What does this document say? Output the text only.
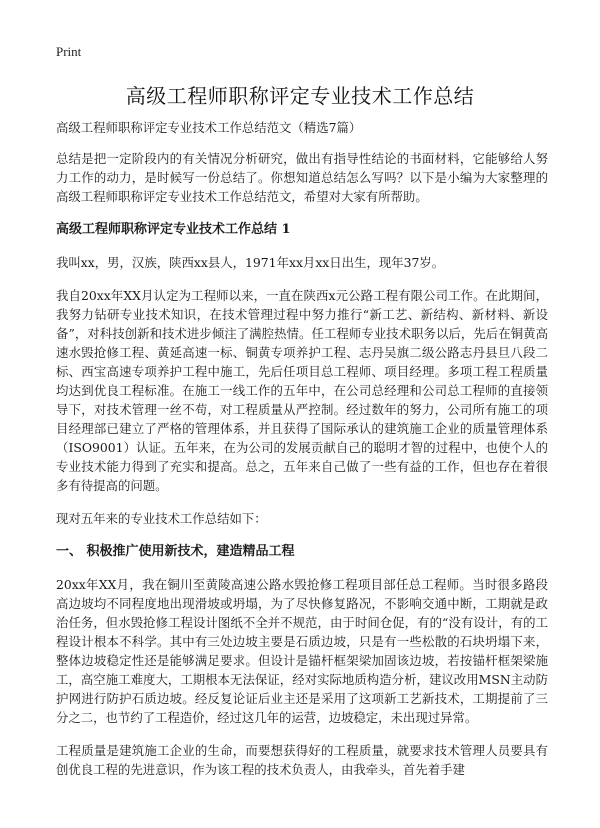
Print
高级工程师职称评定专业技术工作总结

高级工程师职称评定专业技术工作总结范文（精选7篇）

总结是把一定阶段内的有关情况分析研究，做出有指导性结论的书面材料，它能够给人努力工作的动力，是时候写一份总结了。你想知道总结怎么写吗？以下是小编为大家整理的高级工程师职称评定专业技术工作总结范文，希望对大家有所帮助。

高级工程师职称评定专业技术工作总结 1

我叫xx，男，汉族，陕西xx县人，1971年xx月xx日出生，现年37岁。

我自20xx年XX月认定为工程师以来，一直在陕西x元公路工程有限公司工作。在此期间，我努力钻研专业技术知识，在技术管理过程中努力推行“新工艺、新结构、新材料、新设备”，对科技创新和技术进步倾注了满腔热情。任工程师专业技术职务以后，先后在铜黄高速水毁抢修工程、黄延高速一标、铜黄专项养护工程、志丹吴旗二级公路志丹县旦八段二标、西宝高速专项养护工程中施工，先后任项目总工程师、项目经理。多项工程工程质量均达到优良工程标准。在施工一线工作的五年中，在公司总经理和公司总工程师的直接领导下，对技术管理一丝不苟，对工程质量从严控制。经过数年的努力，公司所有施工的项目经理部已建立了严格的管理体系，并且获得了国际承认的建筑施工企业的质量管理体系（ISO9001）认证。五年来，在为公司的发展贡献自己的聪明才智的过程中，也使个人的专业技术能力得到了充实和提高。总之，五年来自己做了一些有益的工作，但也存在着很多有待提高的问题。

现对五年来的专业技术工作总结如下：

一、 积极推广使用新技术，建造精品工程

20xx年XX月，我在铜川至黄陵高速公路水毁抢修工程项目部任总工程师。当时很多路段高边坡均不同程度地出现滑坡或坍塌，为了尽快修复路况，不影响交通中断，工期就是政治任务，但水毁抢修工程设计图纸不全并不规范，由于时间仓促，有的“没有设计，有的工程设计根本不科学。其中有三处边坡主要是石质边坡，只是有一些松散的石块坍塌下来，整体边坡稳定性还是能够满足要求。但设计是锚杆框架梁加固该边坡，若按锚杆框架梁施工，高空施工难度大，工期根本无法保证，经对实际地质构造分析，建议改用MSN主动防护网进行防护石质边坡。经反复论证后业主还是采用了这项新工艺新技术，工期提前了三分之二，也节约了工程造价，经过这几年的运营，边坡稳定，未出现过异常。

工程质量是建筑施工企业的生命，而要想获得好的工程质量，就要求技术管理人员要具有创优良工程的先进意识，作为该工程的技术负责人，由我牵头，首先着手建
